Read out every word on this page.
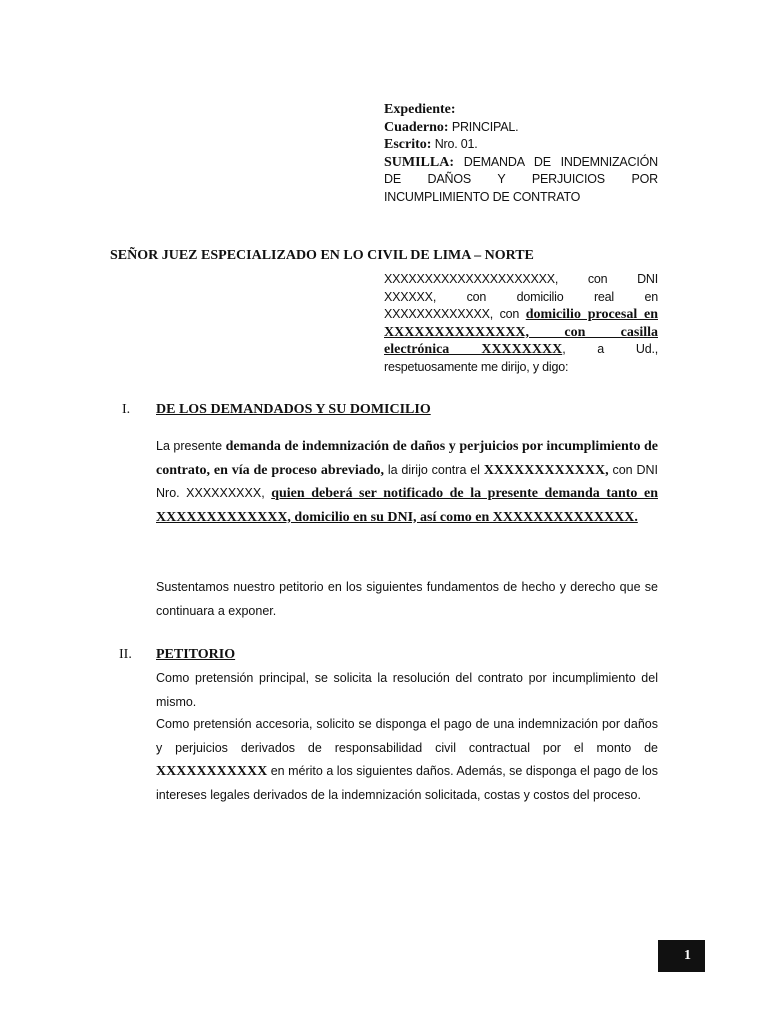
Expediente:
Cuaderno: PRINCIPAL.
Escrito: Nro. 01.
SUMILLA: DEMANDA DE INDEMNIZACIÓN DE DAÑOS Y PERJUICIOS POR INCUMPLIMIENTO DE CONTRATO
SEÑOR JUEZ ESPECIALIZADO EN LO CIVIL DE LIMA – NORTE
XXXXXXXXXXXXXXXXXXXXX, con DNI XXXXXX, con domicilio real en XXXXXXXXXXXXX, con domicilio procesal en XXXXXXXXXXXXXX, con casilla electrónica XXXXXXXX, a Ud., respetuosamente me dirijo, y digo:
I. DE LOS DEMANDADOS Y SU DOMICILIO
La presente demanda de indemnización de daños y perjuicios por incumplimiento de contrato, en vía de proceso abreviado, la dirijo contra el XXXXXXXXXXXX, con DNI Nro. XXXXXXXXX, quien deberá ser notificado de la presente demanda tanto en XXXXXXXXXXXXX, domicilio en su DNI, así como en XXXXXXXXXXXXXX.
Sustentamos nuestro petitorio en los siguientes fundamentos de hecho y derecho que se continuara a exponer.
II. PETITORIO
Como pretensión principal, se solicita la resolución del contrato por incumplimiento del mismo.
Como pretensión accesoria, solicito se disponga el pago de una indemnización por daños y perjuicios derivados de responsabilidad civil contractual por el monto de XXXXXXXXXXX en mérito a los siguientes daños. Además, se disponga el pago de los intereses legales derivados de la indemnización solicitada, costas y costos del proceso.
1
